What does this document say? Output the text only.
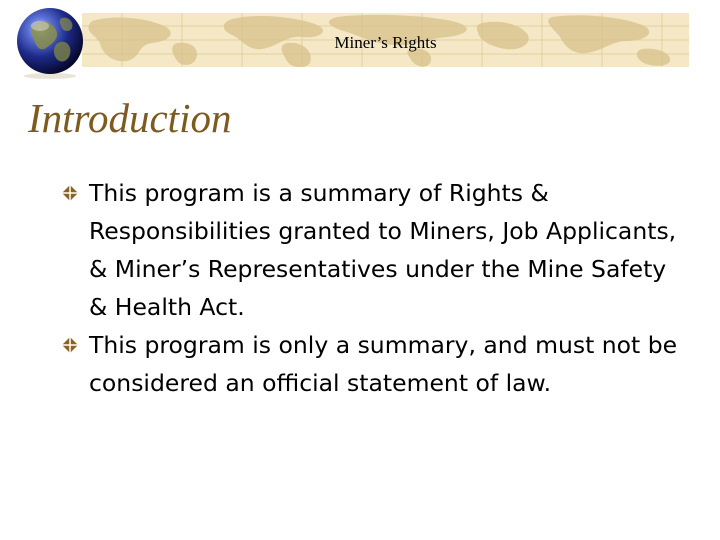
Miner’s Rights
Introduction
This program is a summary of Rights & Responsibilities granted to Miners, Job Applicants, & Miner’s Representatives under the Mine Safety & Health Act.
This program is only a summary, and must not be considered an official statement of law.
